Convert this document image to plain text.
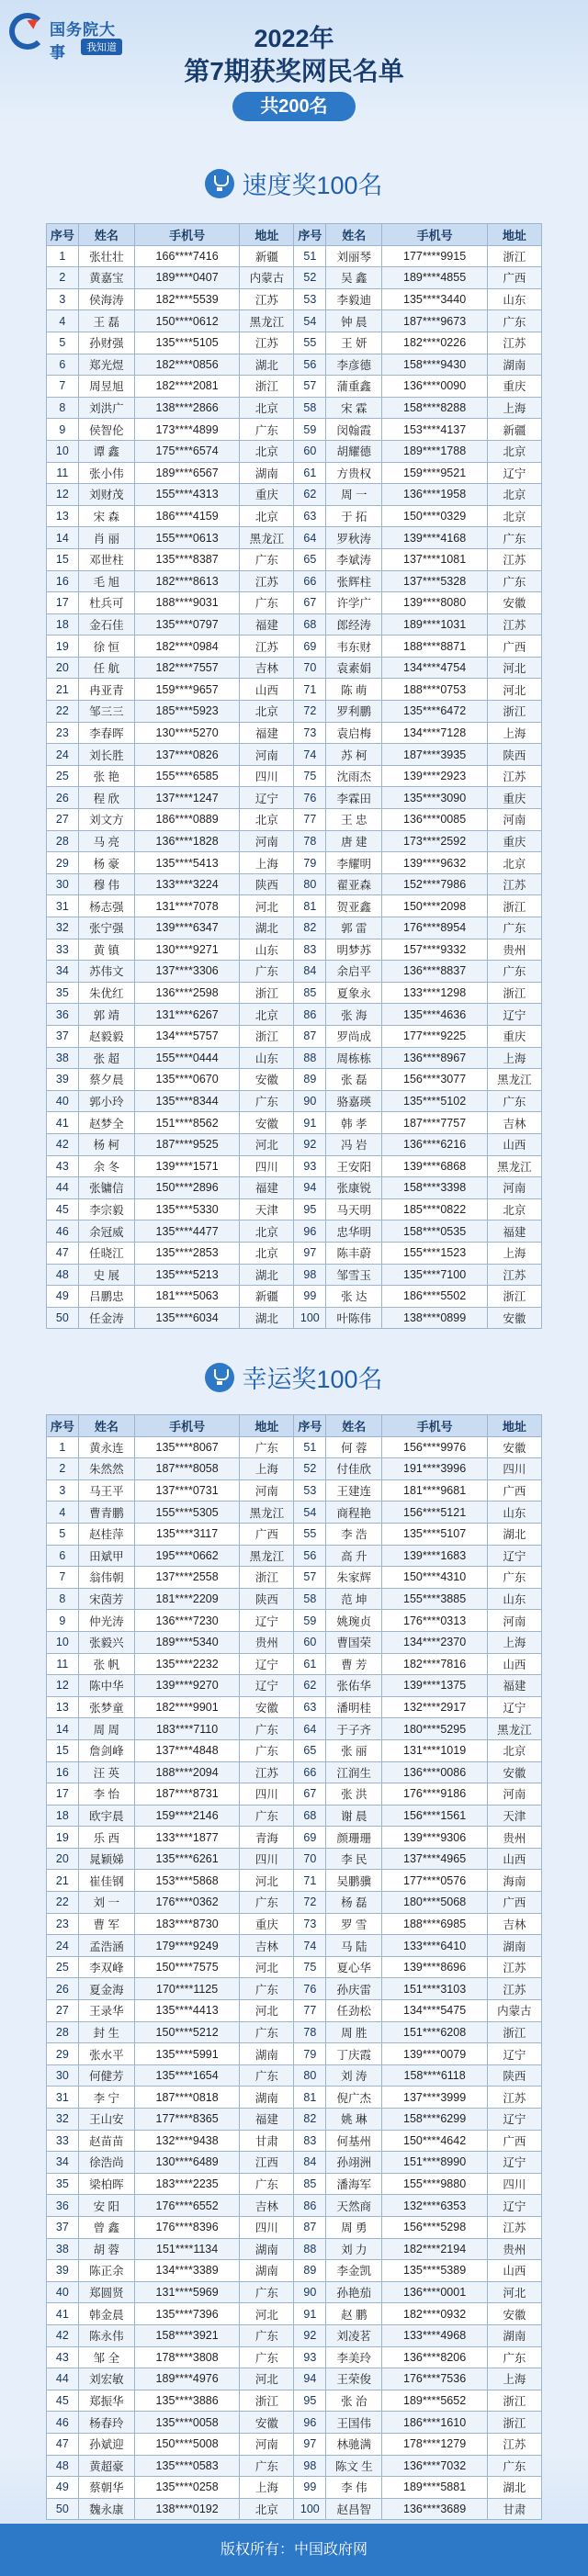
国务院大事	我知道	2022年
第7期获奖网民名单
共200名
速度奖100名
序号	姓名	手机号	地址	序号	姓名	手机号	地址
1	张壮壮	166****7416	新疆	51	刘丽琴	177****9915	浙江
2	黄嘉宝	189****0407	内蒙古	52	吴 鑫	189****4855	广西
3	侯海涛	182****5539	江苏	53	李毅迪	135****3440	山东
4	王 磊	150****0612	黑龙江	54	钟 晨	187****9673	广东
5	孙财强	135****5105	江苏	55	王 妍	182****0226	江苏
6	郑光煜	182****0856	湖北	56	李彦德	158****9430	湖南
7	周昱旭	182****2081	浙江	57	蒲重鑫	136****0090	重庆
8	刘洪广	138****2866	北京	58	宋 霖	158****8288	上海
9	侯智伦	173****4899	广东	59	闵翰霞	153****4137	新疆
10	谭 鑫	175****6574	北京	60	胡耀德	189****1788	北京
11	张小伟	189****6567	湖南	61	方贵权	159****9521	辽宁
12	刘财茂	155****4313	重庆	62	周 一	136****1958	北京
13	宋 森	186****4159	北京	63	于 拓	150****0329	北京
14	肖 丽	155****0613	黑龙江	64	罗秋涛	139****4168	广东
15	邓世柱	135****8387	广东	65	李斌涛	137****1081	江苏
16	毛 旭	182****8613	江苏	66	张辉柱	137****5328	广东
17	杜兵可	188****9031	广东	67	许学广	139****8080	安徽
18	金石佳	135****0797	福建	68	郎经涛	189****1031	江苏
19	徐 恒	182****0984	江苏	69	韦东财	188****8871	广西
20	任 航	182****7557	吉林	70	袁素娟	134****4754	河北
21	冉亚青	159****9657	山西	71	陈 萌	188****0753	河北
22	邹三三	185****5923	北京	72	罗利鹏	135****6472	浙江
23	李春晖	130****5270	福建	73	袁启梅	134****7128	上海
24	刘长胜	137****0826	河南	74	苏 柯	187****3935	陕西
25	张 艳	155****6585	四川	75	沈雨杰	139****2923	江苏
26	程 欣	137****1247	辽宁	76	李霖田	135****3090	重庆
27	刘文方	186****0889	北京	77	王 忠	136****0085	河南
28	马 亮	136****1828	河南	78	唐 建	173****2592	重庆
29	杨 豪	135****5413	上海	79	李耀明	139****9632	北京
30	穆 伟	133****3224	陕西	80	翟亚森	152****7986	江苏
31	杨志强	131****7078	河北	81	贺亚鑫	150****2098	浙江
32	张宁强	139****6347	湖北	82	郭 雷	176****8954	广东
33	黄 镇	130****9271	山东	83	明梦苏	157****9332	贵州
34	苏伟文	137****3306	广东	84	余启平	136****8837	广东
35	朱优红	136****2598	浙江	85	夏象永	133****1298	浙江
36	郭 靖	131****6267	北京	86	张 海	135****4636	辽宁
37	赵毅毅	134****5757	浙江	87	罗尚成	177****9225	重庆
38	张 超	155****0444	山东	88	周栋栋	136****8967	上海
39	蔡夕晨	135****0670	安徽	89	张 磊	156****3077	黑龙江
40	郭小玲	135****8344	广东	90	骆嘉瑛	135****5102	广东
41	赵梦全	151****8562	安徽	91	韩 孝	187****7757	吉林
42	杨 柯	187****9525	河北	92	冯 岩	136****6216	山西
43	余 冬	139****1571	四川	93	王安阳	139****6868	黑龙江
44	张镛信	150****2896	福建	94	张康锐	158****3398	河南
45	李宗毅	135****5330	天津	95	马天明	185****0822	北京
46	余冠威	135****4477	北京	96	忠华明	158****0535	福建
47	任晓江	135****2853	北京	97	陈丰蔚	155****1523	上海
48	史 展	135****5213	湖北	98	邹雪玉	135****7100	江苏
49	吕鹏忠	181****5063	新疆	99	张 达	186****5502	浙江
50	任金涛	135****6034	湖北	100	叶陈伟	138****0899	安徽
幸运奖100名
序号	姓名	手机号	地址	序号	姓名	手机号	地址
1	黄永连	135****8067	广东	51	何 蓉	156****9976	安徽
2	朱然然	187****8058	上海	52	付佳欣	191****3996	四川
3	马王平	137****0731	河南	53	王建连	181****9681	广西
4	曹青鹏	155****5305	黑龙江	54	商程艳	156****5121	山东
5	赵桂萍	135****3117	广西	55	李 浩	135****5107	湖北
6	田斌甲	195****0662	黑龙江	56	高 升	139****1683	辽宁
7	翁伟朝	137****2558	浙江	57	朱家辉	150****4310	广东
8	宋茵芳	181****2209	陕西	58	范 坤	155****3885	山东
9	仲光涛	136****7230	辽宁	59	姚琬贞	176****0313	河南
10	张毅兴	189****5340	贵州	60	曹国荣	134****2370	上海
11	张 帆	135****2232	辽宁	61	曹 芳	182****7816	山西
12	陈中华	139****9270	辽宁	62	张佑华	139****1375	福建
13	张梦童	182****9901	安徽	63	潘明桂	132****2917	辽宁
14	周 周	183****7110	广东	64	于子齐	180****5295	黑龙江
15	詹剑峰	137****4848	广东	65	张 丽	131****1019	北京
16	汪 英	188****2094	江苏	66	江润生	136****0086	安徽
17	李 怡	187****8731	四川	67	张 洪	176****9186	河南
18	欧宇晨	159****2146	广东	68	谢 晨	156****1561	天津
19	乐 西	133****1877	青海	69	颜珊珊	139****9306	贵州
20	晁颖娣	135****6261	四川	70	李 民	137****4965	山西
21	崔佳钢	153****5868	河北	71	吴鹏骥	177****0576	海南
22	刘 一	176****0362	广东	72	杨 磊	180****5068	广西
23	曹 军	183****8730	重庆	73	罗 雪	188****6985	吉林
24	孟浩涵	179****9249	吉林	74	马 陆	133****6410	湖南
25	李双峰	150****7575	河北	75	夏心华	139****8696	江苏
26	夏金海	170****1125	广东	76	孙庆雷	151****3103	江苏
27	王录华	135****4413	河北	77	任劲松	134****5475	内蒙古
28	封 生	150****5212	广东	78	周 胜	151****6208	浙江
29	张水平	135****5991	湖南	79	丁庆霞	139****0079	辽宁
30	何健芳	135****1654	广东	80	刘 涛	158****6118	陕西
31	李 宁	187****0818	湖南	81	倪广杰	137****3999	江苏
32	王山安	177****8365	福建	82	姚 琳	158****6299	辽宁
33	赵苗苗	132****9438	甘肃	83	何基州	150****4642	广西
34	徐浩尚	130****6489	江西	84	孙翊洲	151****8990	辽宁
35	梁柏晖	183****2235	广东	85	潘海军	155****9880	四川
36	安 阳	176****6552	吉林	86	天然商	132****6353	辽宁
37	曾 鑫	176****8396	四川	87	周 勇	156****5298	江苏
38	胡 蓉	151****1134	湖南	88	刘 力	182****2194	贵州
39	陈正余	134****3389	湖南	89	李金凯	135****5389	山西
40	郑圆贤	131****5969	广东	90	孙艳茄	136****0001	河北
41	韩金晨	135****7396	河北	91	赵 鹏	182****0932	安徽
42	陈永伟	158****3921	广东	92	刘凌茗	133****4968	湖南
43	邹 全	178****3808	广东	93	李美玲	136****8206	广东
44	刘宏敏	189****4976	河北	94	王荣俊	176****7536	上海
45	郑振华	135****3886	浙江	95	张 治	189****5652	浙江
46	杨春玲	135****0058	安徽	96	王国伟	186****1610	浙江
47	孙斌迎	150****5008	河南	97	林驰满	178****1279	江苏
48	黄超豪	135****0583	广东	98	陈文 生	136****7032	广东
49	蔡朝华	135****0258	上海	99	李 伟	189****5881	湖北
50	魏永康	138****0192	北京	100	赵昌智	136****3689	甘肃
版权所有：中国政府网
